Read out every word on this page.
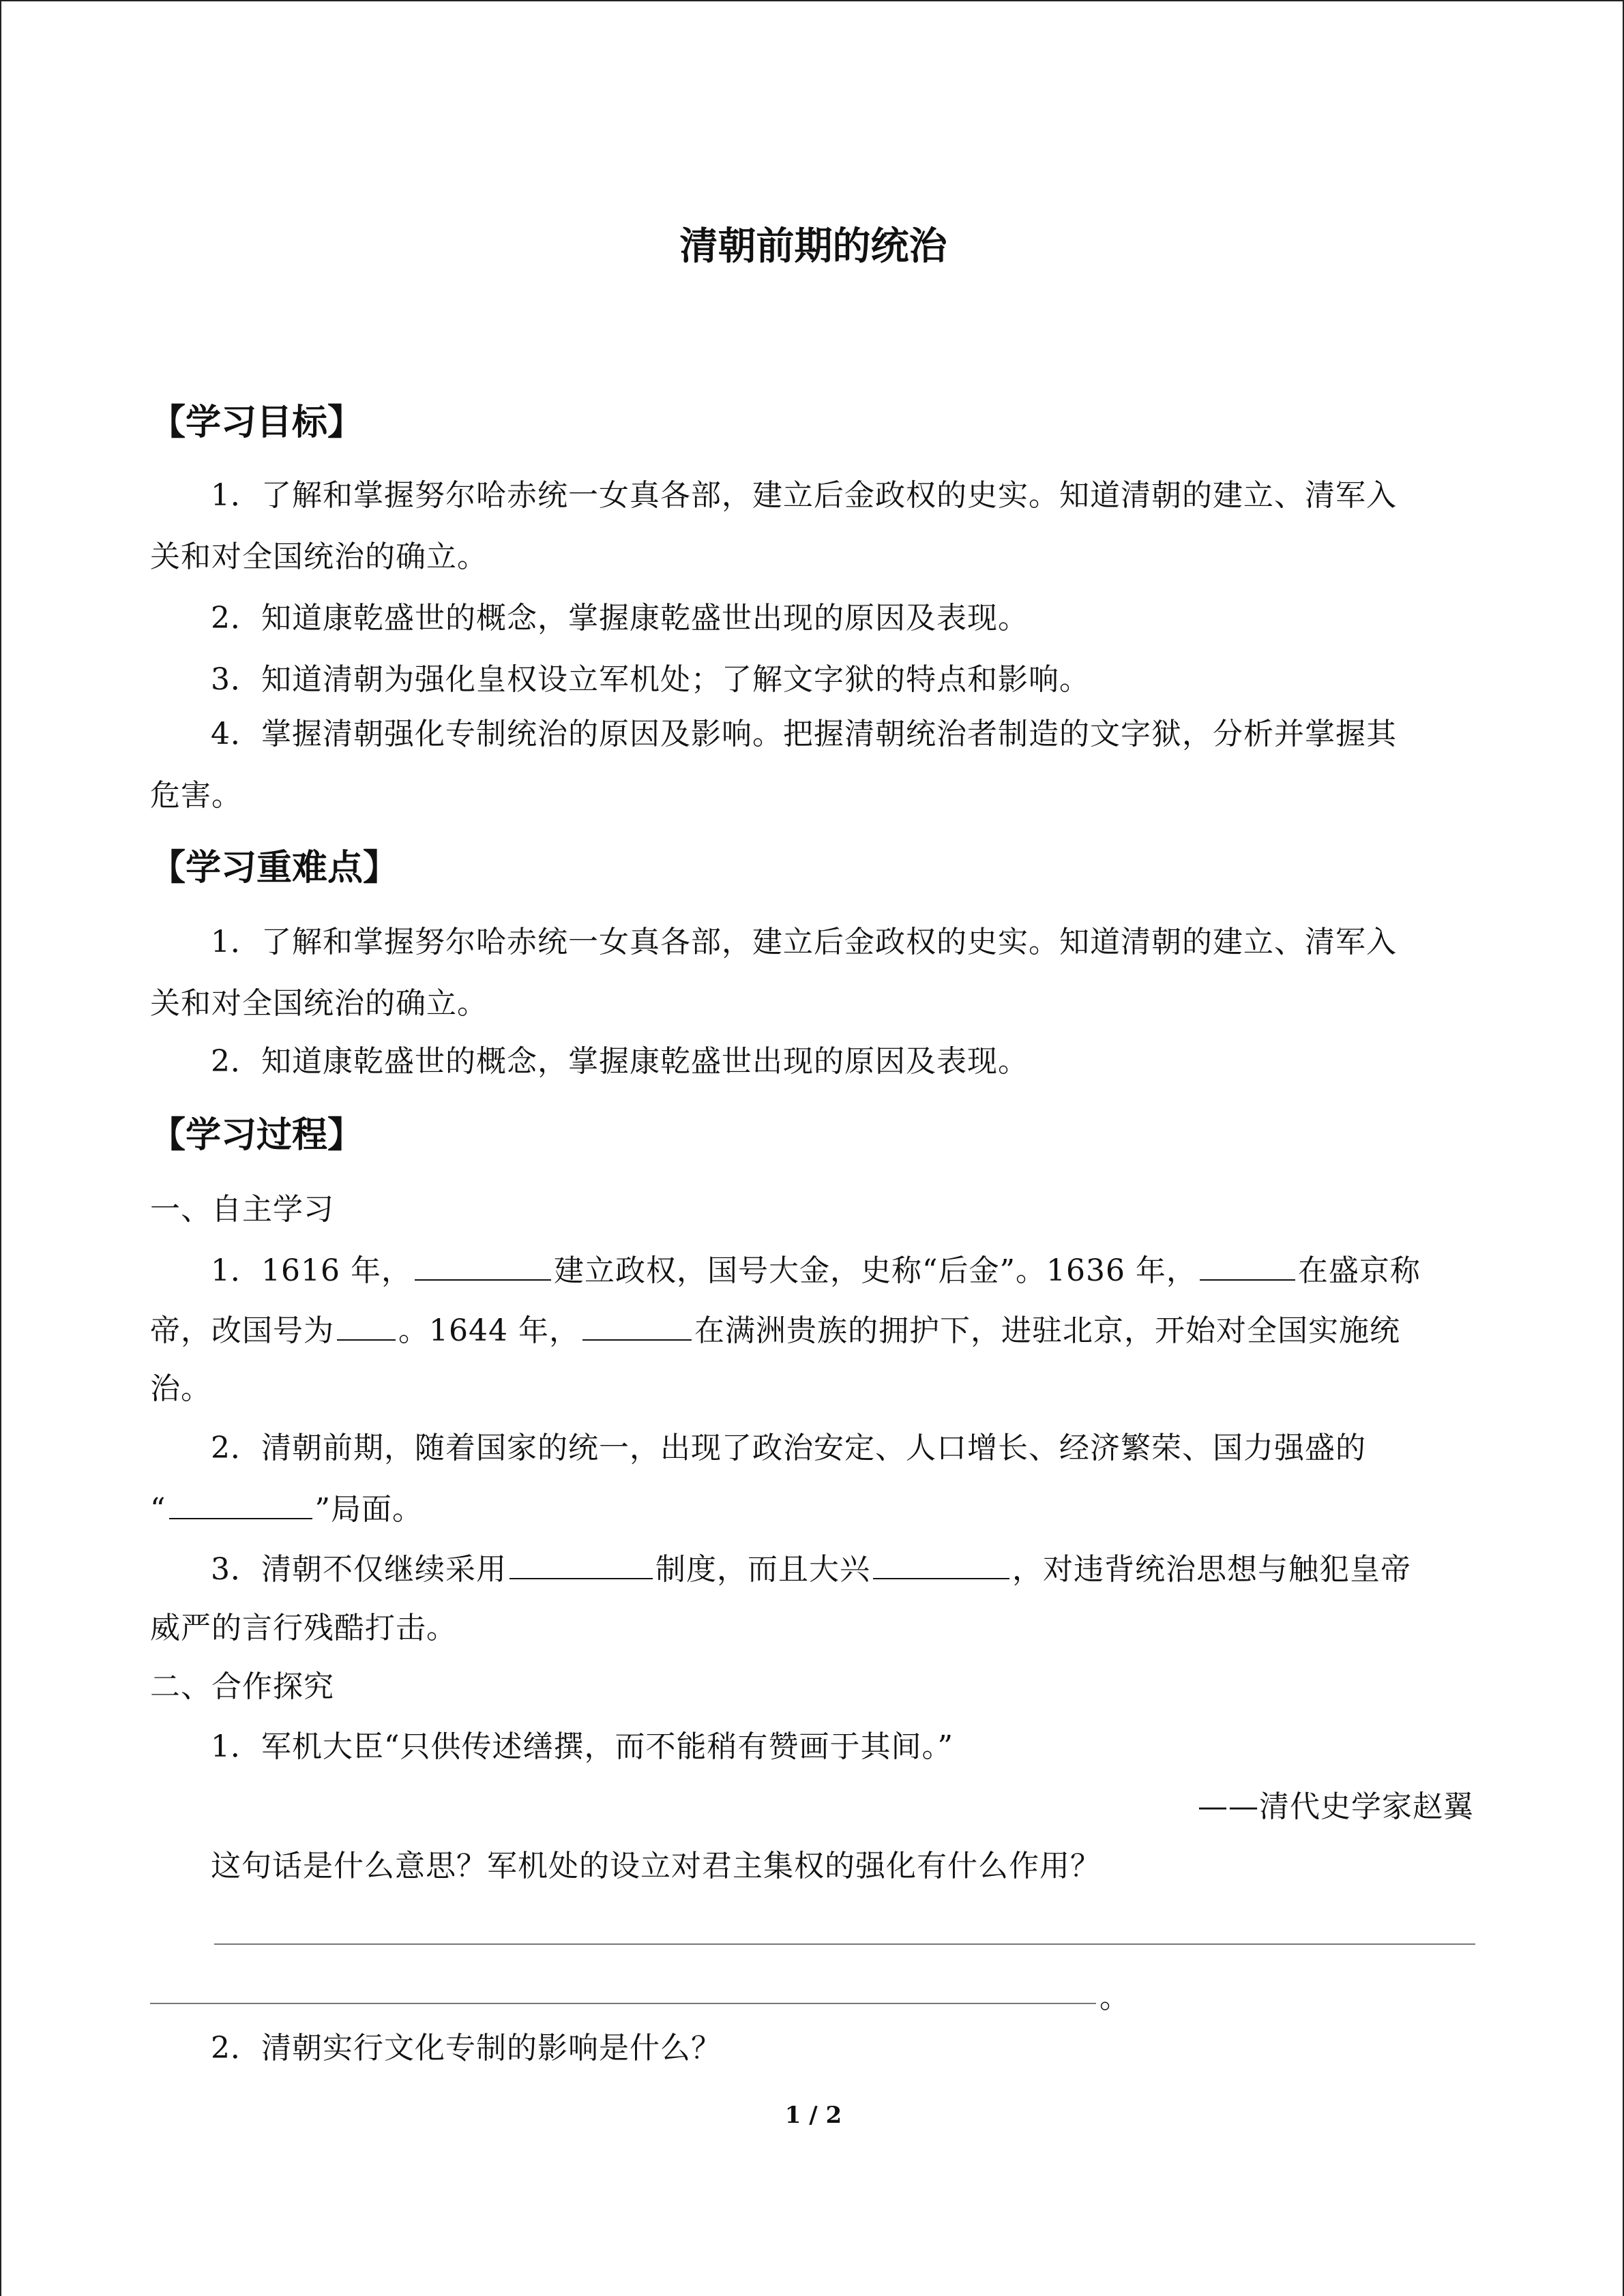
清朝前期的统治
【学习目标】
1．了解和掌握努尔哈赤统一女真各部，建立后金政权的史实。知道清朝的建立、清军入
关和对全国统治的确立。
2．知道康乾盛世的概念，掌握康乾盛世出现的原因及表现。
3．知道清朝为强化皇权设立军机处；了解文字狱的特点和影响。
4．掌握清朝强化专制统治的原因及影响。把握清朝统治者制造的文字狱，分析并掌握其
危害。
【学习重难点】
1．了解和掌握努尔哈赤统一女真各部，建立后金政权的史实。知道清朝的建立、清军入
关和对全国统治的确立。
2．知道康乾盛世的概念，掌握康乾盛世出现的原因及表现。
【学习过程】
一、自主学习
1．1616 年，	建立政权，国号大金，史称“后金”。1636 年，	在盛京称
帝，改国号为 。1644 年，	在满洲贵族的拥护下，进驻北京，开始对全国实施统
治。
2．清朝前期，随着国家的统一，出现了政治安定、人口增长、经济繁荣、国力强盛的
“	”局面。
3．清朝不仅继续采用	制度，而且大兴	，对违背统治思想与触犯皇帝
威严的言行残酷打击。
二、合作探究
1．军机大臣“只供传述缮撰，而不能稍有赞画于其间。”
——清代史学家赵翼
这句话是什么意思？军机处的设立对君主集权的强化有什么作用？
。
2．清朝实行文化专制的影响是什么？
1 / 2
